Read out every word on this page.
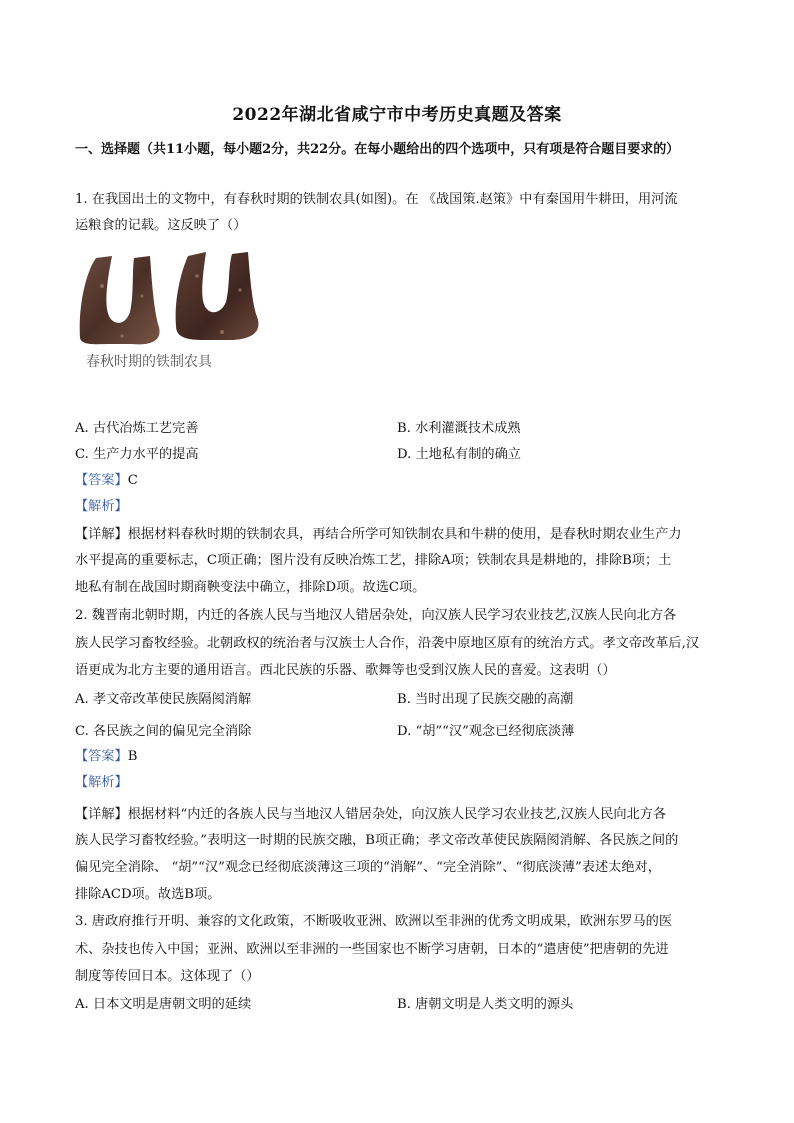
2022年湖北省咸宁市中考历史真题及答案
一、选择题（共11小题，每小题2分，共22分。在每小题给出的四个选项中，只有项是符合题目要求的）
1. 在我国出土的文物中，有春秋时期的铁制农具(如图)。在 《战国策.赵策》中有秦国用牛耕田，用河流
运粮食的记载。这反映了（）
春秋时期的铁制农具
A. 古代冶炼工艺完善	B. 水利灌溉技术成熟
C. 生产力水平的提高	D. 土地私有制的确立
【答案】C
【解析】
【详解】根据材料春秋时期的铁制农具，再结合所学可知铁制农具和牛耕的使用，是春秋时期农业生产力
水平提高的重要标志，C项正确；图片没有反映冶炼工艺，排除A项；铁制农具是耕地的，排除B项；土
地私有制在战国时期商鞅变法中确立，排除D项。故选C项。
2. 魏晋南北朝时期，内迁的各族人民与当地汉人错居杂处，向汉族人民学习农业技艺,汉族人民向北方各
族人民学习畜牧经验。北朝政权的统治者与汉族士人合作，沿袭中原地区原有的统治方式。孝文帝改革后,汉
语更成为北方主要的通用语言。西北民族的乐器、歌舞等也受到汉族人民的喜爱。这表明（）
A. 孝文帝改革使民族隔阂消解	B. 当时出现了民族交融的高潮
C. 各民族之间的偏见完全消除	D. “胡”“汉”观念已经彻底淡薄
【答案】B
【解析】
【详解】根据材料“内迁的各族人民与当地汉人错居杂处，向汉族人民学习农业技艺,汉族人民向北方各
族人民学习畜牧经验。”表明这一时期的民族交融，B项正确；孝文帝改革使民族隔阂消解、各民族之间的
偏见完全消除、 “胡”“汉”观念已经彻底淡薄这三项的“消解”、“完全消除”、“彻底淡薄”表述太绝对，
排除ACD项。故选B项。
3. 唐政府推行开明、兼容的文化政策，不断吸收亚洲、欧洲以至非洲的优秀文明成果，欧洲东罗马的医
术、杂技也传入中国；亚洲、欧洲以至非洲的一些国家也不断学习唐朝，日本的“遣唐使”把唐朝的先进
制度等传回日本。这体现了（）
A. 日本文明是唐朝文明的延续	B. 唐朝文明是人类文明的源头
